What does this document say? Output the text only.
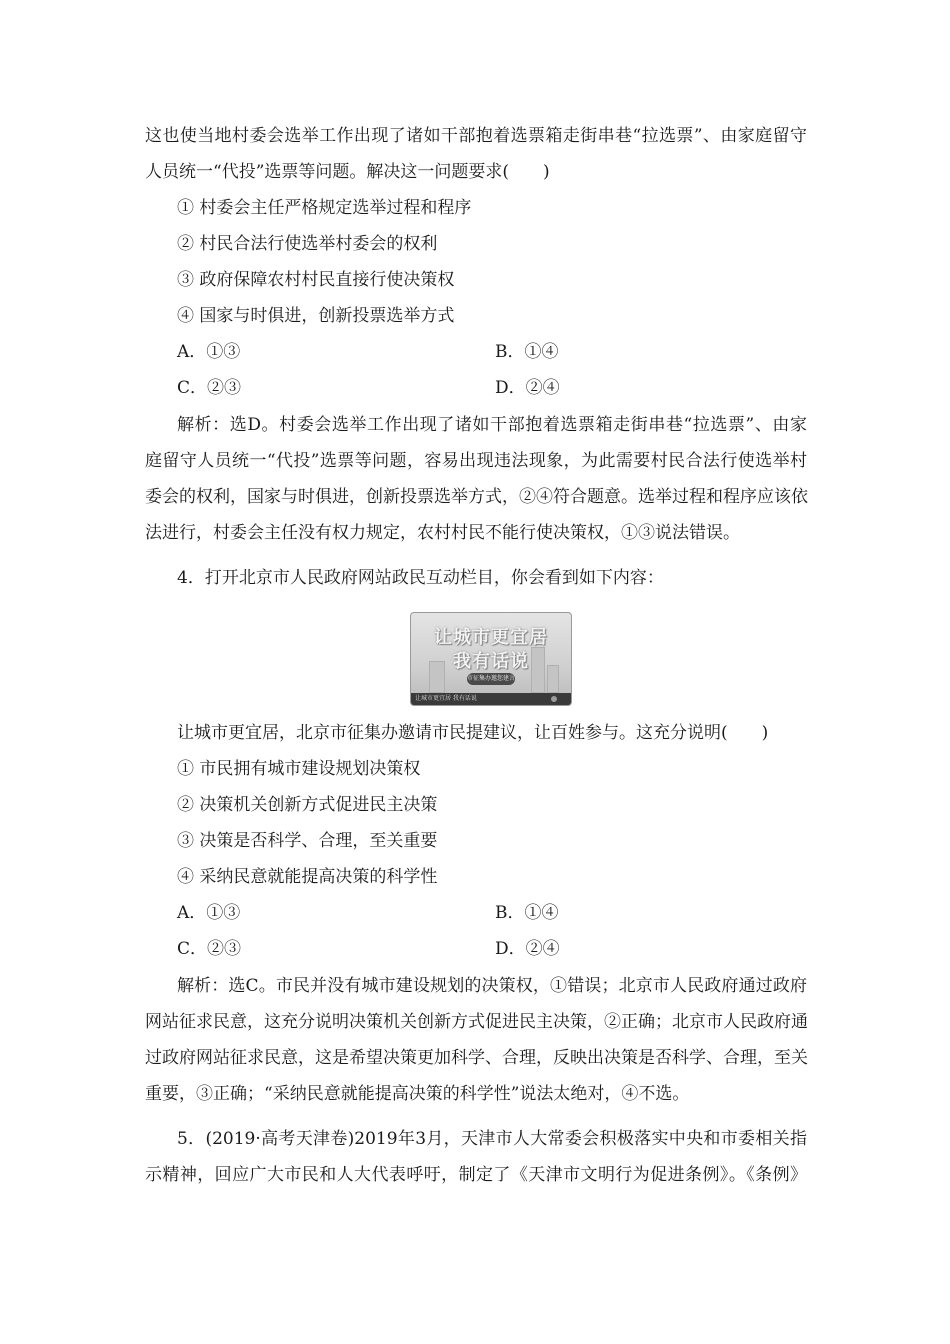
这也使当地村委会选举工作出现了诸如干部抱着选票箱走街串巷“拉选票”、由家庭留守
人员统一“代投”选票等问题。解决这一问题要求(　　)
① 村委会主任严格规定选举过程和程序
② 村民合法行使选举村委会的权利
③ 政府保障农村村民直接行使决策权
④ 国家与时俱进，创新投票选举方式
A．①③	B．①④
C．②③	D．②④
解析：选D。村委会选举工作出现了诸如干部抱着选票箱走街串巷“拉选票”、由家
庭留守人员统一“代投”选票等问题，容易出现违法现象，为此需要村民合法行使选举村
委会的权利，国家与时俱进，创新投票选举方式，②④符合题意。选举过程和程序应该依
法进行，村委会主任没有权力规定，农村村民不能行使决策权，①③说法错误。
4．打开北京市人民政府网站政民互动栏目，你会看到如下内容：
让城市更宜居
我有话说
市征集办邀您建言
让城市更宜居 我有话说
让城市更宜居，北京市征集办邀请市民提建议，让百姓参与。这充分说明(　　)
① 市民拥有城市建设规划决策权
② 决策机关创新方式促进民主决策
③ 决策是否科学、合理，至关重要
④ 采纳民意就能提高决策的科学性
A．①③	B．①④
C．②③	D．②④
解析：选C。市民并没有城市建设规划的决策权，①错误；北京市人民政府通过政府
网站征求民意，这充分说明决策机关创新方式促进民主决策，②正确；北京市人民政府通
过政府网站征求民意，这是希望决策更加科学、合理，反映出决策是否科学、合理，至关
重要，③正确；“采纳民意就能提高决策的科学性”说法太绝对，④不选。
5．(2019·高考天津卷)2019年3月，天津市人大常委会积极落实中央和市委相关指
示精神，回应广大市民和人大代表呼吁，制定了《天津市文明行为促进条例》。《条例》
